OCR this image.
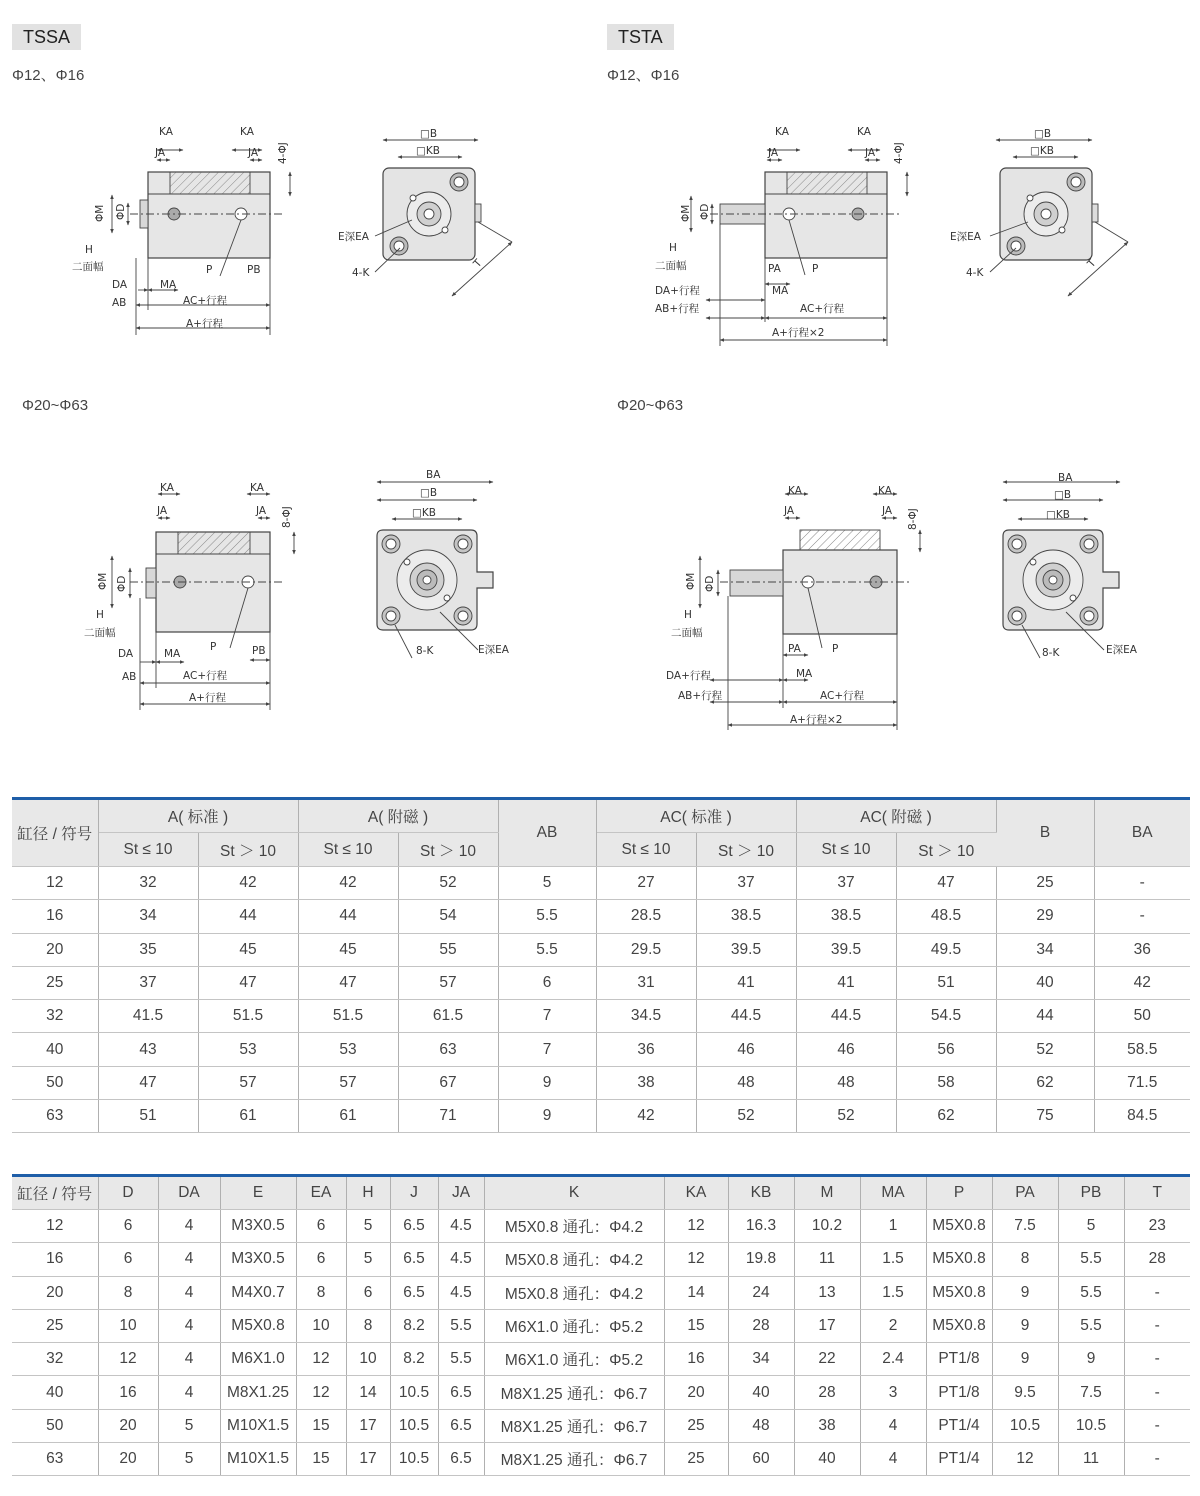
TSSA	TSTA
Φ12、Φ16	Φ12、Φ16
Φ20~Φ63	Φ20~Φ63
KA
JA
KA
JA 4-ΦJ
ΦM ΦD
H
二面幅
DA
AB
MA
P	PB
AC+行程
A+行程
□B
□KB
E深EA
4-K
T
KA
JA
KA
JA 4-ΦJ
ΦM ΦD
H
二面幅	PA	P
DA+行程	MA
AB+行程	AC+行程
A+行程×2
□B
□KB
E深EA
4-K
T
KA
JA
KA
JA 8-ΦJ
ΦM ΦD
H
二面幅
DA
AB
MA
P	PB
AC+行程
A+行程
BA
□B
□KB
8-K	E深EA
KA
JA
KA
JA 8-ΦJ
ΦM ΦD
H
二面幅
PA	P
DA+行程	MA
AB+行程	AC+行程
A+行程×2
BA
□B
□KB
8-K	E深EA
缸径 / 符号	A( 标准 )		A( 附磁 )		AB	AC( 标准 )		AC( 附磁 )		B	BA
	St ≤ 10	St ＞ 10	St ≤ 10	St ＞ 10		St ≤ 10	St ＞ 10	St ≤ 10	St ＞ 10		
12	32	42	42	52	5	27	37	37	47	25	-
16	34	44	44	54	5.5	28.5	38.5	38.5	48.5	29	-
20	35	45	45	55	5.5	29.5	39.5	39.5	49.5	34	36
25	37	47	47	57	6	31	41	41	51	40	42
32	41.5	51.5	51.5	61.5	7	34.5	44.5	44.5	54.5	44	50
40	43	53	53	63	7	36	46	46	56	52	58.5
50	47	57	57	67	9	38	48	48	58	62	71.5
63	51	61	61	71	9	42	52	52	62	75	84.5
缸径 / 符号	D	DA	E	EA	H	J	JA	K	KA	KB	M	MA	P	PA	PB	T
12	6	4	M3X0.5	6	5	6.5	4.5	M5X0.8 通孔：Φ4.2	12	16.3	10.2	1	M5X0.8	7.5	5	23
16	6	4	M3X0.5	6	5	6.5	4.5	M5X0.8 通孔：Φ4.2	12	19.8	11	1.5	M5X0.8	8	5.5	28
20	8	4	M4X0.7	8	6	6.5	4.5	M5X0.8 通孔：Φ4.2	14	24	13	1.5	M5X0.8	9	5.5	-
25	10	4	M5X0.8	10	8	8.2	5.5	M6X1.0 通孔：Φ5.2	15	28	17	2	M5X0.8	9	5.5	-
32	12	4	M6X1.0	12	10	8.2	5.5	M6X1.0 通孔：Φ5.2	16	34	22	2.4	PT1/8	9	9	-
40	16	4	M8X1.25	12	14	10.5	6.5	M8X1.25 通孔：Φ6.7	20	40	28	3	PT1/8	9.5	7.5	-
50	20	5	M10X1.5	15	17	10.5	6.5	M8X1.25 通孔：Φ6.7	25	48	38	4	PT1/4	10.5	10.5	-
63	20	5	M10X1.5	15	17	10.5	6.5	M8X1.25 通孔：Φ6.7	25	60	40	4	PT1/4	12	11	-
